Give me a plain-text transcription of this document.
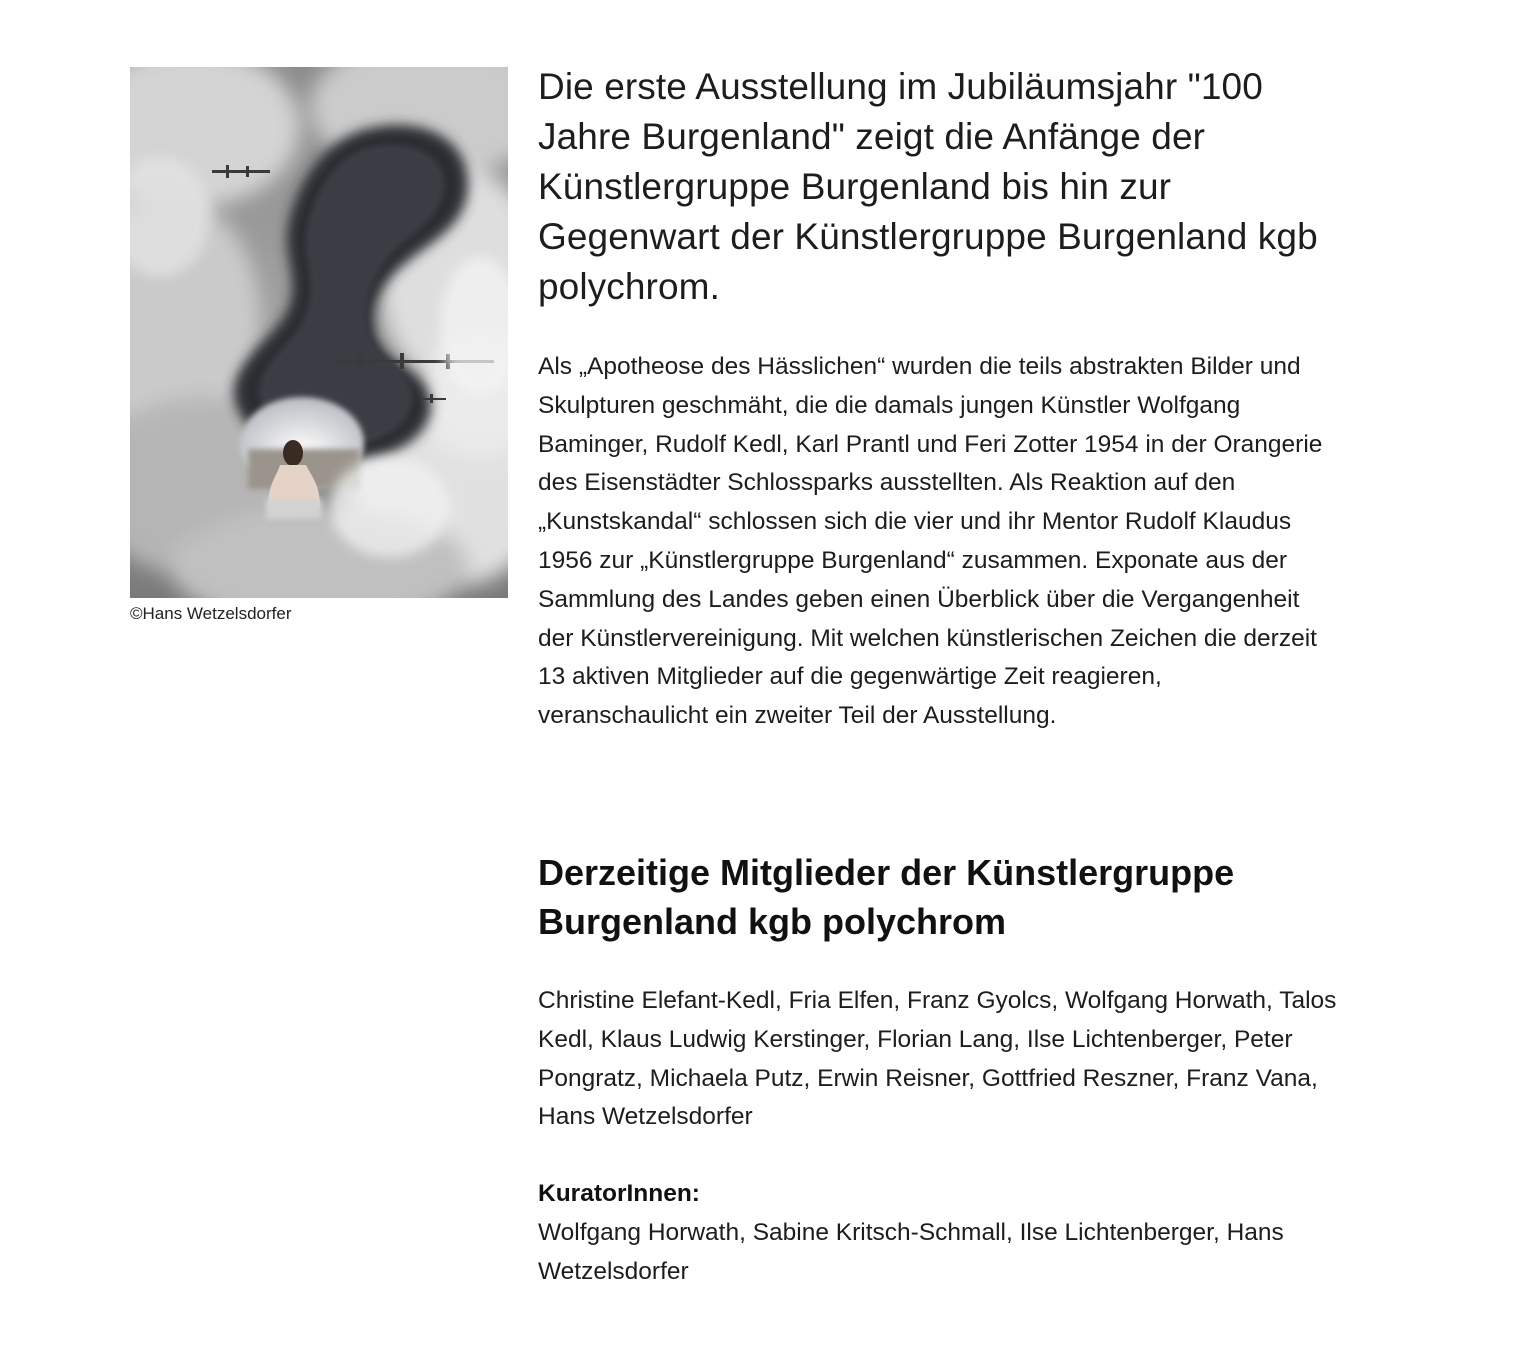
©Hans Wetzelsdorfer

Die erste Ausstellung im Jubiläumsjahr "100 Jahre Burgenland" zeigt die Anfänge der Künstlergruppe Burgenland bis hin zur Gegenwart der Künstlergruppe Burgenland kgb polychrom.

Als „Apotheose des Hässlichen“ wurden die teils abstrakten Bilder und Skulpturen geschmäht, die die damals jungen Künstler Wolfgang Baminger, Rudolf Kedl, Karl Prantl und Feri Zotter 1954 in der Orangerie des Eisenstädter Schlossparks ausstellten. Als Reaktion auf den „Kunstskandal“ schlossen sich die vier und ihr Mentor Rudolf Klaudus 1956 zur „Künstlergruppe Burgenland“ zusammen. Exponate aus der Sammlung des Landes geben einen Überblick über die Vergangenheit der Künstlervereinigung. Mit welchen künstlerischen Zeichen die derzeit 13 aktiven Mitglieder auf die gegenwärtige Zeit reagieren, veranschaulicht ein zweiter Teil der Ausstellung.

Derzeitige Mitglieder der Künstlergruppe Burgenland kgb polychrom

Christine Elefant-Kedl, Fria Elfen, Franz Gyolcs, Wolfgang Horwath, Talos Kedl, Klaus Ludwig Kerstinger, Florian Lang, Ilse Lichtenberger, Peter Pongratz, Michaela Putz, Erwin Reisner, Gottfried Reszner, Franz Vana, Hans Wetzelsdorfer

KuratorInnen:

Wolfgang Horwath, Sabine Kritsch-Schmall, Ilse Lichtenberger, Hans Wetzelsdorfer
